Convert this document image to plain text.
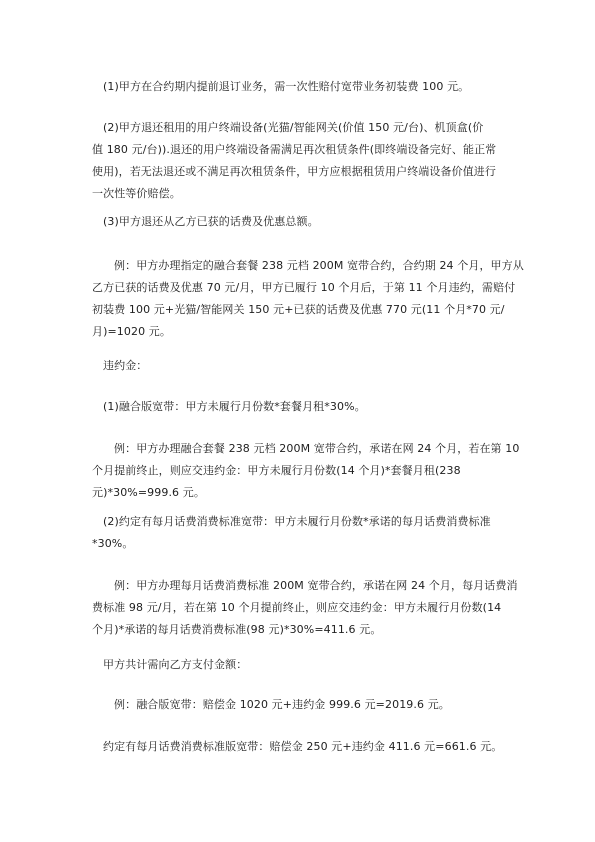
(1)甲方在合约期内提前退订业务，需一次性赔付宽带业务初装费 100 元。

(2)甲方退还租用的用户终端设备(光猫/智能网关(价值 150 元/台)、机顶盒(价
值 180 元/台)).退还的用户终端设备需满足再次租赁条件(即终端设备完好、能正常
使用)，若无法退还或不满足再次租赁条件，甲方应根据租赁用户终端设备价值进行
一次性等价赔偿。

(3)甲方退还从乙方已获的话费及优惠总额。

例：甲方办理指定的融合套餐 238 元档 200M 宽带合约，合约期 24 个月，甲方从
乙方已获的话费及优惠 70 元/月，甲方已履行 10 个月后，于第 11 个月违约，需赔付
初装费 100 元+光猫/智能网关 150 元+已获的话费及优惠 770 元(11 个月*70 元/
月)=1020 元。

违约金：

(1)融合版宽带：甲方未履行月份数*套餐月租*30%。

例：甲方办理融合套餐 238 元档 200M 宽带合约，承诺在网 24 个月，若在第 10
个月提前终止，则应交违约金：甲方未履行月份数(14 个月)*套餐月租(238
元)*30%=999.6 元。

(2)约定有每月话费消费标准宽带：甲方未履行月份数*承诺的每月话费消费标准
*30%。

例：甲方办理每月话费消费标准 200M 宽带合约，承诺在网 24 个月，每月话费消
费标准 98 元/月，若在第 10 个月提前终止，则应交违约金：甲方未履行月份数(14
个月)*承诺的每月话费消费标准(98 元)*30%=411.6 元。

甲方共计需向乙方支付金额：

例：融合版宽带：赔偿金 1020 元+违约金 999.6 元=2019.6 元。

约定有每月话费消费标准版宽带：赔偿金 250 元+违约金 411.6 元=661.6 元。
